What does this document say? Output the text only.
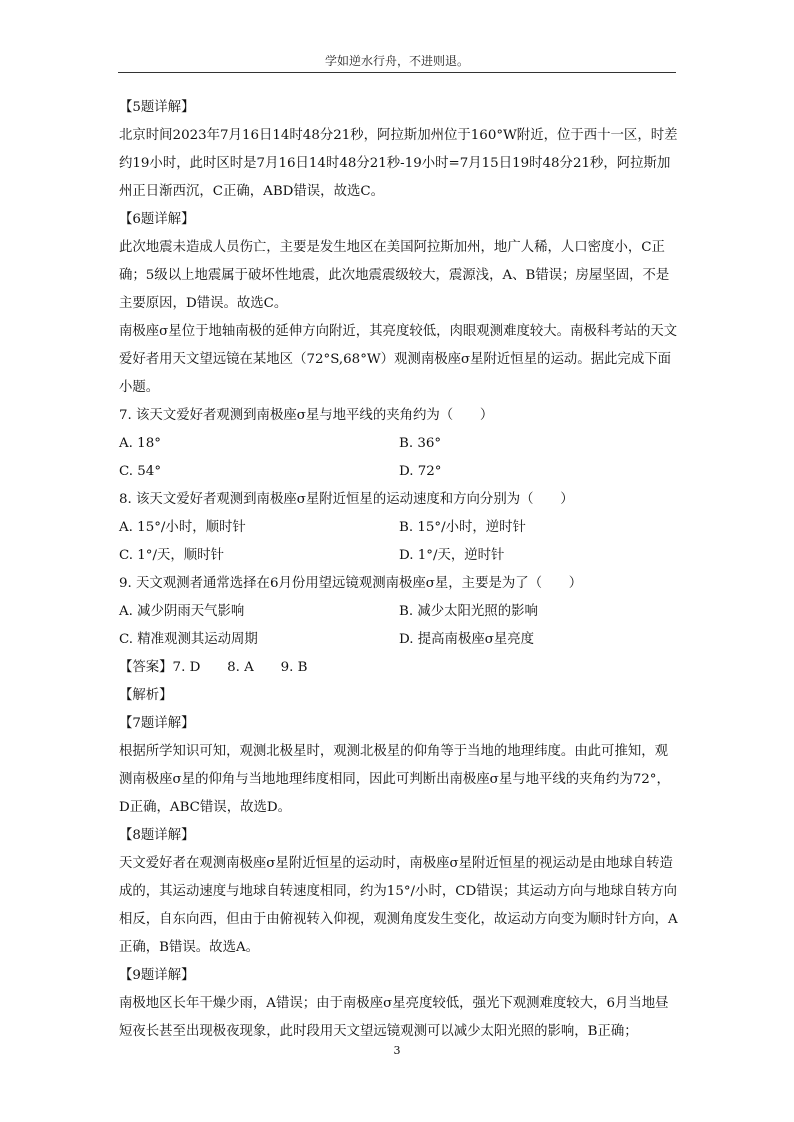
学如逆水行舟，不进则退。

【5题详解】

北京时间2023年7月16日14时48分21秒，阿拉斯加州位于160°W附近，位于西十一区，时差约19小时，此时区时是7月16日14时48分21秒-19小时=7月15日19时48分21秒，阿拉斯加州正日渐西沉，C正确，ABD错误，故选C。

【6题详解】

此次地震未造成人员伤亡，主要是发生地区在美国阿拉斯加州，地广人稀，人口密度小，C正确；5级以上地震属于破坏性地震，此次地震震级较大，震源浅，A、B错误；房屋坚固，不是主要原因，D错误。故选C。

南极座σ星位于地轴南极的延伸方向附近，其亮度较低，肉眼观测难度较大。南极科考站的天文爱好者用天文望远镜在某地区（72°S,68°W）观测南极座σ星附近恒星的运动。据此完成下面小题。

7. 该天文爱好者观测到南极座σ星与地平线的夹角约为（　　）

A. 18°	B. 36°
C. 54°	D. 72°

8. 该天文爱好者观测到南极座σ星附近恒星的运动速度和方向分别为（　　）

A. 15°/小时，顺时针	B. 15°/小时，逆时针
C. 1°/天，顺时针	D. 1°/天，逆时针

9. 天文观测者通常选择在6月份用望远镜观测南极座σ星，主要是为了（　　）

A. 减少阴雨天气影响	B. 减少太阳光照的影响
C. 精准观测其运动周期	D. 提高南极座σ星亮度

【答案】7. D　　8. A　　9. B

【解析】

【7题详解】

根据所学知识可知，观测北极星时，观测北极星的仰角等于当地的地理纬度。由此可推知，观测南极座σ星的仰角与当地地理纬度相同，因此可判断出南极座σ星与地平线的夹角约为72°，D正确，ABC错误，故选D。

【8题详解】

天文爱好者在观测南极座σ星附近恒星的运动时，南极座σ星附近恒星的视运动是由地球自转造成的，其运动速度与地球自转速度相同，约为15°/小时，CD错误；其运动方向与地球自转方向相反，自东向西，但由于由俯视转入仰视，观测角度发生变化，故运动方向变为顺时针方向，A正确，B错误。故选A。

【9题详解】

南极地区长年干燥少雨，A错误；由于南极座σ星亮度较低，强光下观测难度较大，6月当地昼短夜长甚至出现极夜现象，此时段用天文望远镜观测可以减少太阳光照的影响，B正确；

3
